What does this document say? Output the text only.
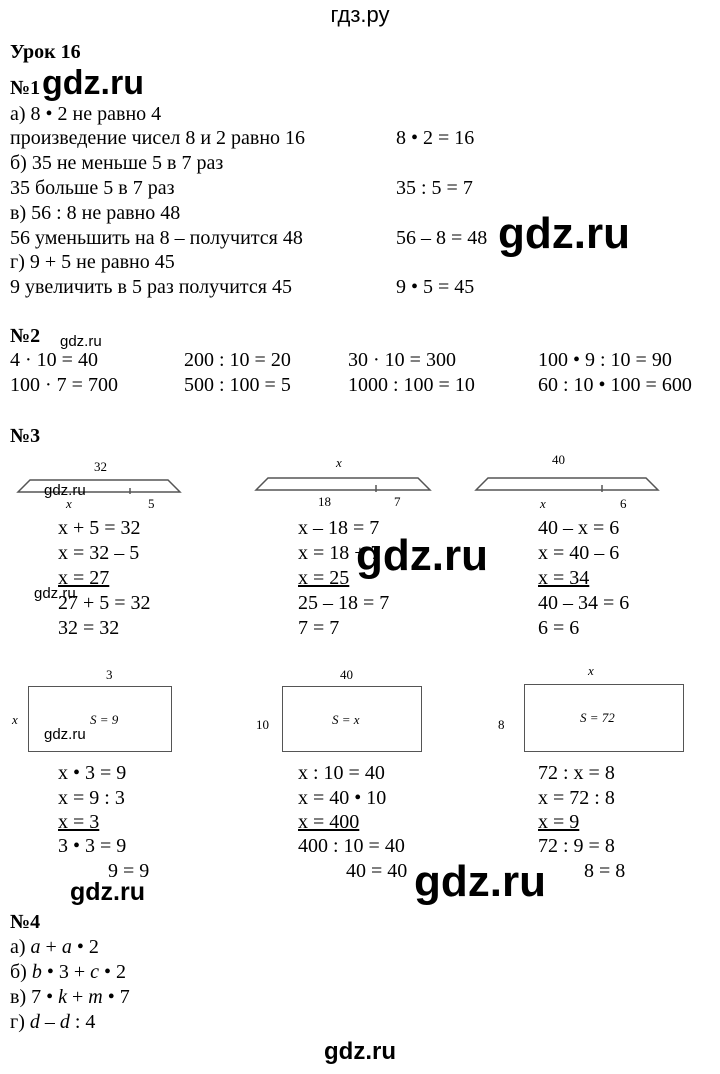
гдз.ру
Урок 16
№1
а) 8 • 2 не равно 4
произведение чисел 8 и 2 равно 16	8 • 2 = 16
б) 35 не меньше 5 в 7 раз
35 больше 5 в 7 раз	35 : 5 = 7
в) 56 : 8 не равно 48
56 уменьшить на 8 – получится 48	56 – 8 = 48
г) 9 + 5 не равно 45
9 увеличить в 5 раз получится 45	9 • 5 = 45
№2
4 · 10 = 40	200 : 10 = 20	30 · 10 = 300	100 • 9 : 10 = 90
100 · 7 = 700	500 : 100 = 5	1000 : 100 = 10	60 : 10 • 100 = 600
№3
32
x	5
x
18	7
40
x	6
x + 5 = 32
x = 32 – 5
x = 27
27 + 5 = 32
32 = 32
x – 18 = 7
x = 18 + 7
x = 25
25 – 18 = 7
7 = 7
40 – x = 6
x = 40 – 6
x = 34
40 – 34 = 6
6 = 6
3
x	S = 9
40
10	S = x
x
8	S = 72
x • 3 = 9
x = 9 : 3
x = 3
3 • 3 = 9
9 = 9
x : 10 = 40
x = 40 • 10
x = 400
400 : 10 = 40
40 = 40
72 : x = 8
x = 72 : 8
x = 9
72 : 9 = 8
8 = 8
№4
а) a + a • 2
б) b • 3 + c • 2
в) 7 • k + m • 7
г) d – d : 4
gdz.ru
gdz.ru
gdz.ru
gdz.ru
gdz.ru
gdz.ru
gdz.ru
gdz.ru
gdz.ru
gdz.ru
